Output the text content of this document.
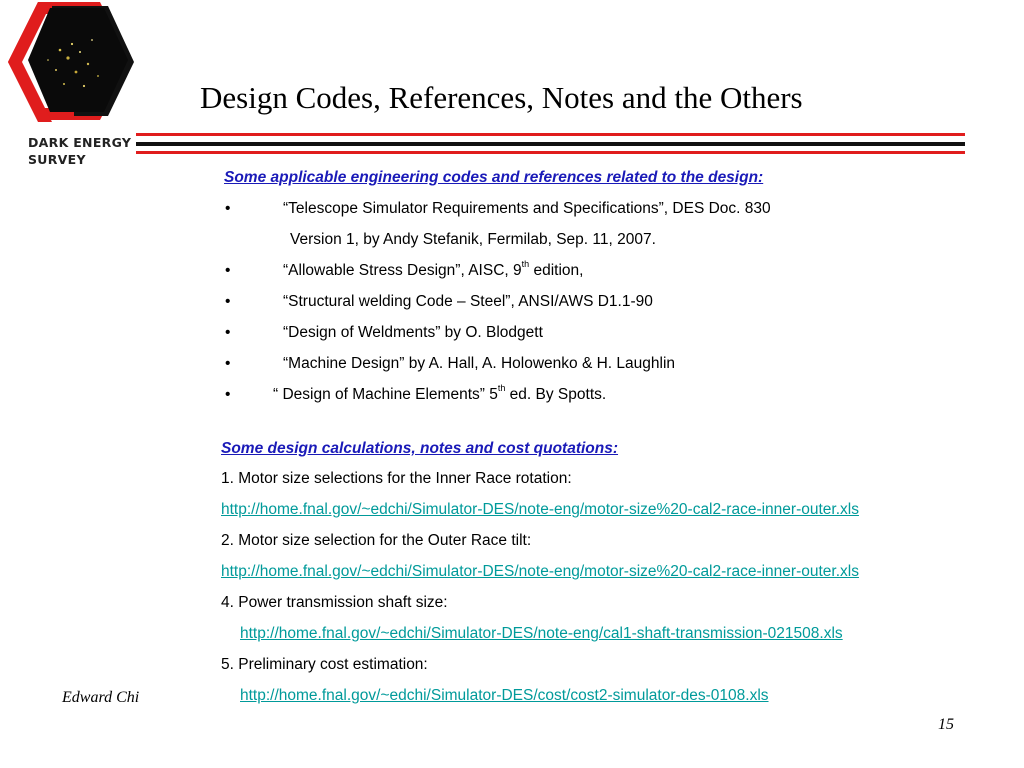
DARK ENERGY
SURVEY
Design Codes, References, Notes and the Others
Some applicable engineering codes and references related to the design:
•	“Telescope Simulator Requirements and Specifications”, DES Doc. 830
Version 1, by Andy Stefanik, Fermilab, Sep. 11, 2007.
•	“Allowable Stress Design”, AISC, 9th edition,
•	“Structural welding Code – Steel”, ANSI/AWS D1.1-90
•	“Design of Weldments” by O. Blodgett
•	“Machine Design” by A. Hall, A. Holowenko & H. Laughlin
•	“ Design of Machine Elements” 5th ed. By Spotts.
Some design calculations, notes and cost quotations:
1. Motor size selections for the Inner Race rotation:
http://home.fnal.gov/~edchi/Simulator-DES/note-eng/motor-size%20-cal2-race-inner-outer.xls
2. Motor size selection for the Outer Race tilt:
http://home.fnal.gov/~edchi/Simulator-DES/note-eng/motor-size%20-cal2-race-inner-outer.xls
4. Power transmission shaft size:
http://home.fnal.gov/~edchi/Simulator-DES/note-eng/cal1-shaft-transmission-021508.xls
5. Preliminary cost estimation:
http://home.fnal.gov/~edchi/Simulator-DES/cost/cost2-simulator-des-0108.xls
Edward Chi
15
